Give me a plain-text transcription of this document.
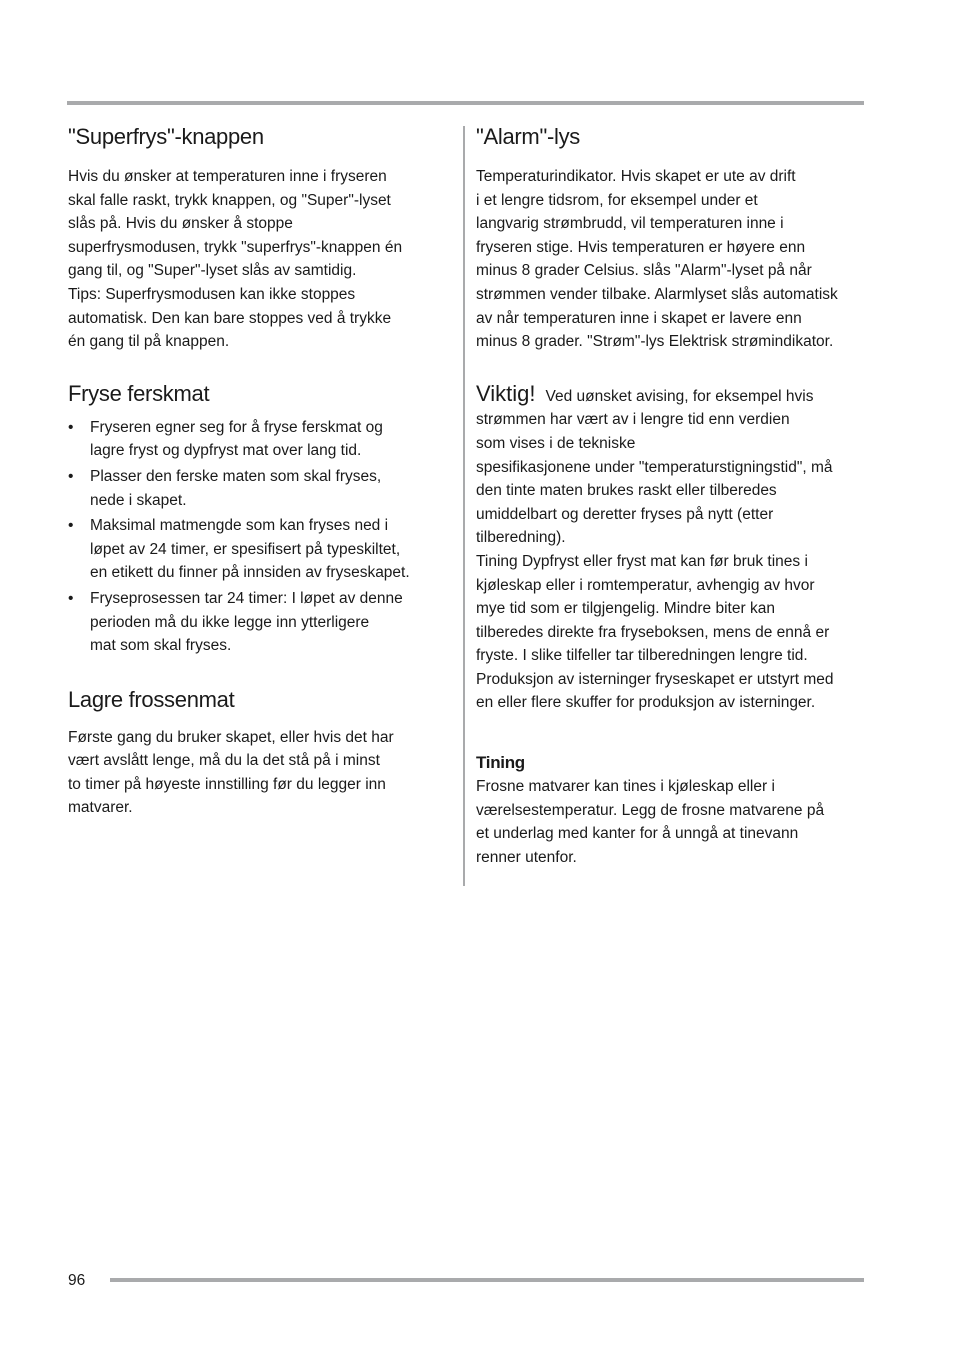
"Superfrys"-knappen

Hvis du ønsker at temperaturen inne i fryseren

skal falle raskt, trykk knappen, og "Super"-lyset

slås på. Hvis du ønsker å stoppe

superfrysmodusen, trykk "superfrys"-knappen én

gang til, og "Super"-lyset slås av samtidig.

Tips: Superfrysmodusen kan ikke stoppes

automatisk. Den kan bare stoppes ved å trykke

én gang til på knappen.

Fryse ferskmat
• Fryseren egner seg for å fryse ferskmat og
lagre fryst og dypfryst mat over lang tid.
• Plasser den ferske maten som skal fryses,
nede i skapet.
• Maksimal matmengde som kan fryses ned i
løpet av 24 timer, er spesifisert på typeskiltet,
en etikett du finner på innsiden av fryseskapet.
• Fryseprosessen tar 24 timer: I løpet av denne
perioden må du ikke legge inn ytterligere
mat som skal fryses.
Lagre frossenmat

Første gang du bruker skapet, eller hvis det har

vært avslått lenge, må du la det stå på i minst

to timer på høyeste innstilling før du legger inn

matvarer.

"Alarm"-lys

Temperaturindikator. Hvis skapet er ute av drift

i et lengre tidsrom, for eksempel under et

langvarig strømbrudd, vil temperaturen inne i

fryseren stige. Hvis temperaturen er høyere enn

minus 8 grader Celsius. slås "Alarm"-lyset på når

strømmen vender tilbake. Alarmlyset slås automatisk

av når temperaturen inne i skapet er lavere enn

minus 8 grader. "Strøm"-lys Elektrisk strømindikator.

Viktig! Ved uønsket avising, for eksempel hvis

strømmen har vært av i lengre tid enn verdien

som vises i de tekniske

spesifikasjonene under "temperaturstigningstid", må

den tinte maten brukes raskt eller tilberedes

umiddelbart og deretter fryses på nytt (etter

tilberedning).

Tining Dypfryst eller fryst mat kan før bruk tines i

kjøleskap eller i romtemperatur, avhengig av hvor

mye tid som er tilgjengelig. Mindre biter kan

tilberedes direkte fra fryseboksen, mens de ennå er

fryste. I slike tilfeller tar tilberedningen lengre tid.

Produksjon av isterninger fryseskapet er utstyrt med

en eller flere skuffer for produksjon av isterninger.

Tining

Frosne matvarer kan tines i kjøleskap eller i

værelsestemperatur. Legg de frosne matvarene på

et underlag med kanter for å unngå at tinevann

renner utenfor.

96
